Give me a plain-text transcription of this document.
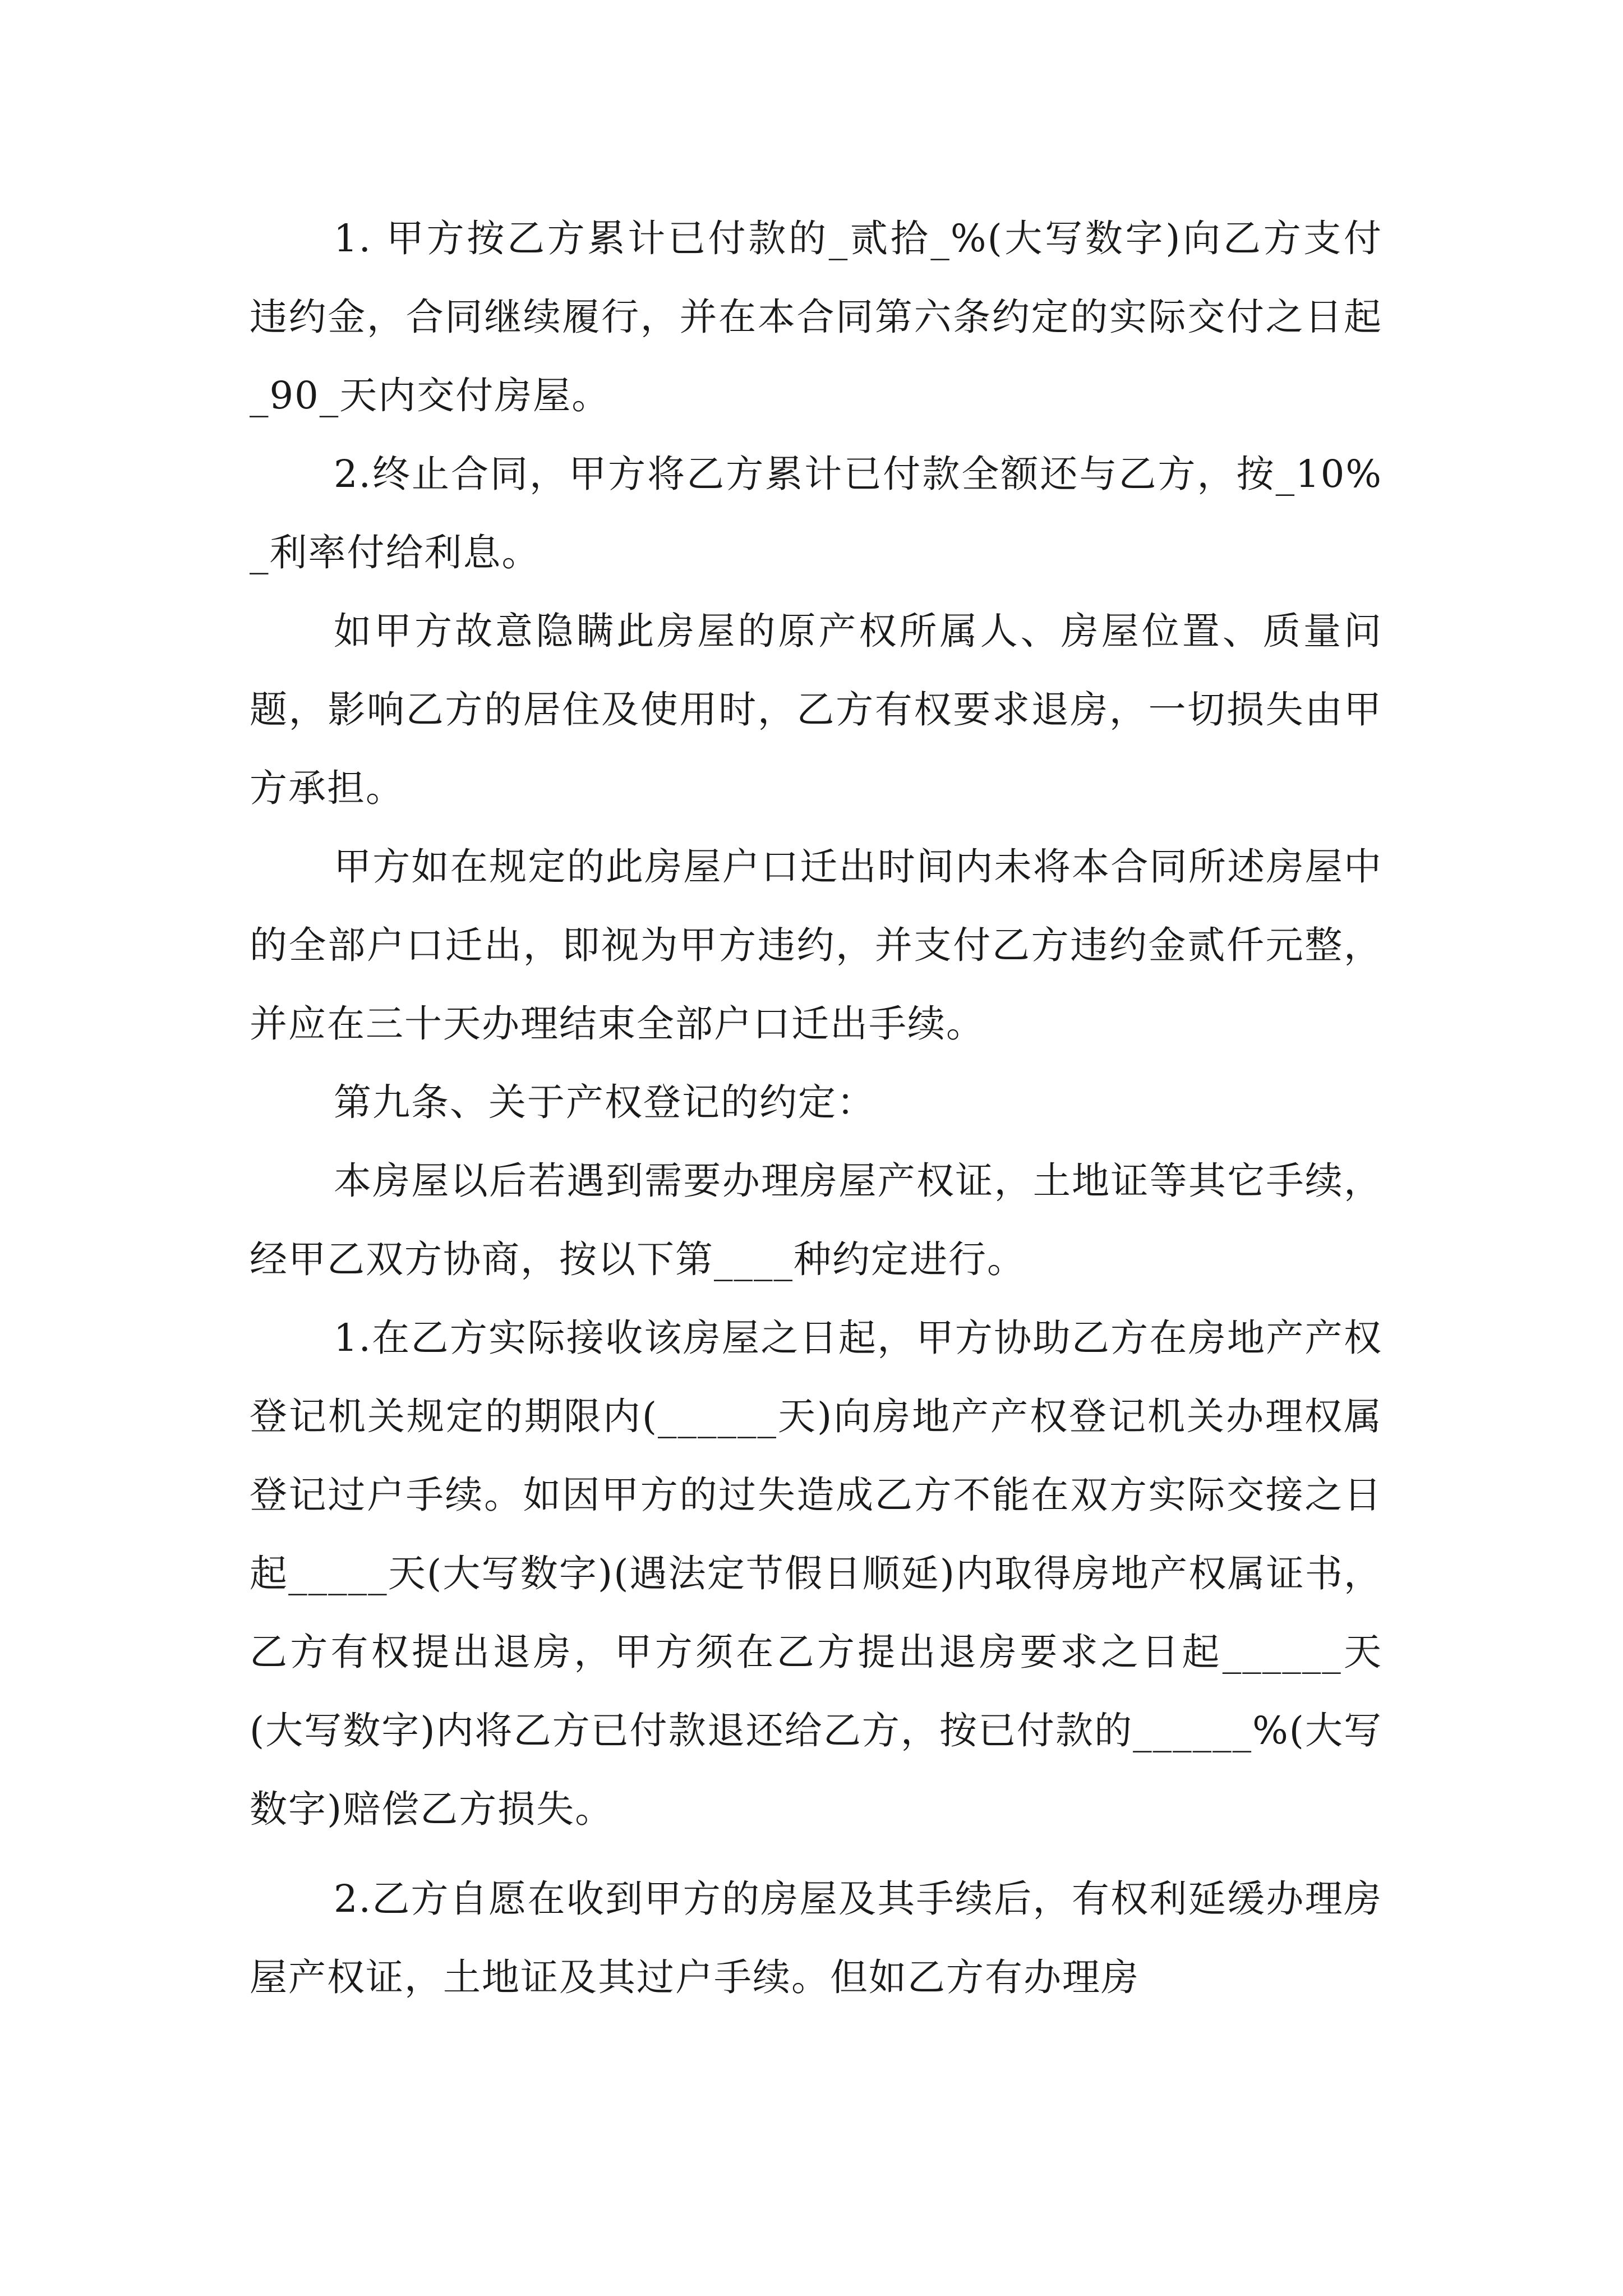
1. 甲方按乙方累计已付款的_贰拾_%(大写数字)向乙方支付违约金，合同继续履行，并在本合同第六条约定的实际交付之日起_90_天内交付房屋。

2.终止合同，甲方将乙方累计已付款全额还与乙方，按_10%_利率付给利息。

如甲方故意隐瞒此房屋的原产权所属人、房屋位置、质量问题，影响乙方的居住及使用时，乙方有权要求退房，一切损失由甲方承担。

甲方如在规定的此房屋户口迁出时间内未将本合同所述房屋中的全部户口迁出，即视为甲方违约，并支付乙方违约金贰仟元整，并应在三十天办理结束全部户口迁出手续。

第九条、关于产权登记的约定：

本房屋以后若遇到需要办理房屋产权证，土地证等其它手续，经甲乙双方协商，按以下第____种约定进行。

1.在乙方实际接收该房屋之日起，甲方协助乙方在房地产产权登记机关规定的期限内(______天)向房地产产权登记机关办理权属登记过户手续。如因甲方的过失造成乙方不能在双方实际交接之日起_____天(大写数字)(遇法定节假日顺延)内取得房地产权属证书，乙方有权提出退房，甲方须在乙方提出退房要求之日起______天(大写数字)内将乙方已付款退还给乙方，按已付款的______%(大写数字)赔偿乙方损失。

2.乙方自愿在收到甲方的房屋及其手续后，有权利延缓办理房屋产权证，土地证及其过户手续。但如乙方有办理房
